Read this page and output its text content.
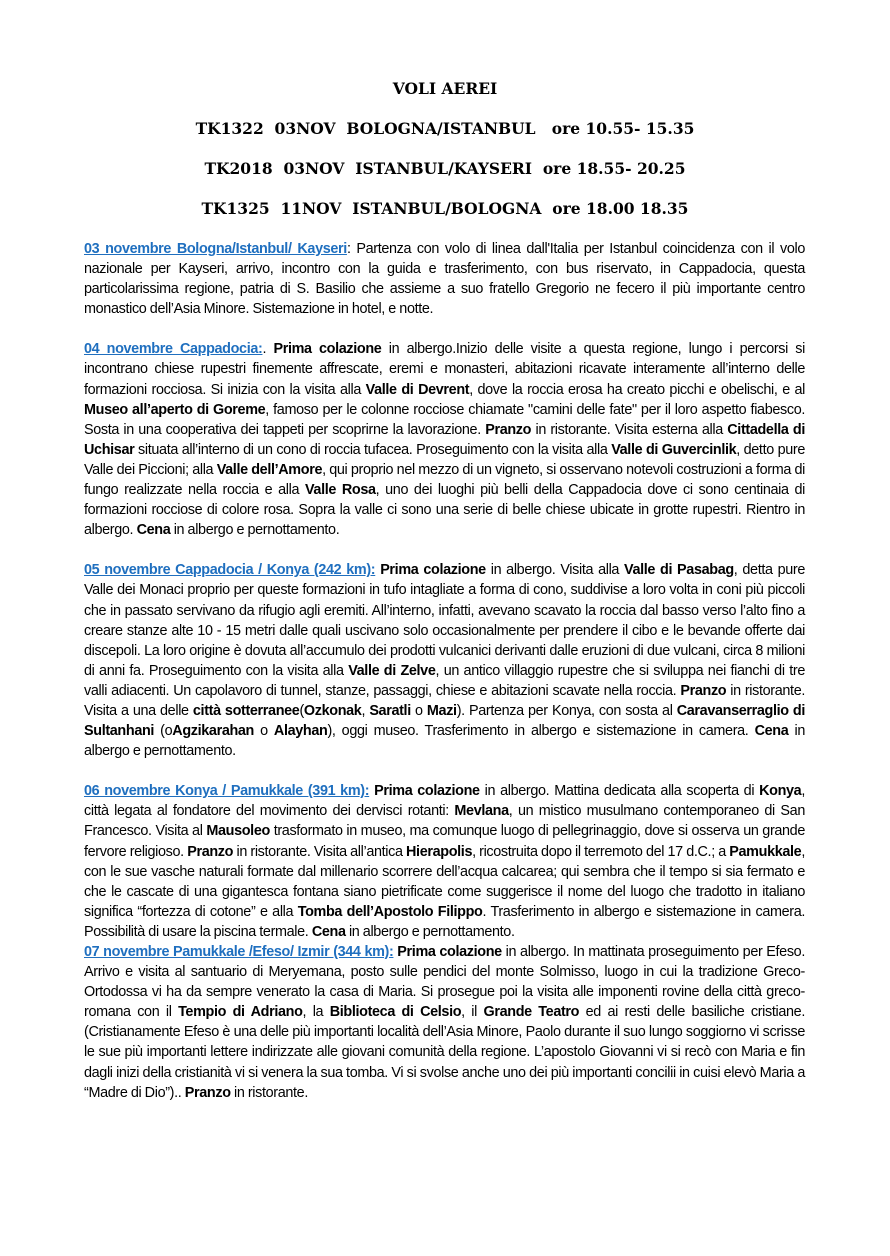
VOLI AEREI
TK1322  03NOV  BOLOGNA/ISTANBUL   ore 10.55- 15.35
TK2018  03NOV  ISTANBUL/KAYSERI  ore 18.55- 20.25
TK1325  11NOV  ISTANBUL/BOLOGNA  ore 18.00 18.35

03 novembre Bologna/Istanbul/ Kayseri: Partenza con volo di linea dall'Italia per Istanbul coincidenza con il volo nazionale per Kayseri, arrivo, incontro con la guida e trasferimento, con bus riservato, in Cappadocia, questa particolarissima regione, patria di S. Basilio che assieme a suo fratello Gregorio ne fecero il più importante centro monastico dell’Asia Minore. Sistemazione in hotel, e notte.

04 novembre Cappadocia:. Prima colazione in albergo.Inizio delle visite a questa regione, lungo i percorsi si incontrano chiese rupestri finemente affrescate, eremi e monasteri, abitazioni ricavate interamente all’interno delle formazioni rocciosa. Si inizia con la visita alla Valle di Devrent, dove la roccia erosa ha creato picchi e obelischi, e al Museo all’aperto di Goreme, famoso per le colonne rocciose chiamate "camini delle fate" per il loro aspetto fiabesco. Sosta in una cooperativa dei tappeti per scoprirne la lavorazione. Pranzo in ristorante. Visita esterna alla Cittadella di Uchisar situata all’interno di un cono di roccia tufacea. Proseguimento con la visita alla Valle di Guvercinlik, detto pure Valle dei Piccioni; alla Valle dell’Amore, qui proprio nel mezzo di un vigneto, si osservano notevoli costruzioni a forma di fungo realizzate nella roccia e alla Valle Rosa, uno dei luoghi più belli della Cappadocia dove ci sono centinaia di formazioni rocciose di colore rosa. Sopra la valle ci sono una serie di belle chiese ubicate in grotte rupestri. Rientro in albergo. Cena in albergo e pernottamento.

05 novembre Cappadocia / Konya (242 km): Prima colazione in albergo. Visita alla Valle di Pasabag, detta pure Valle dei Monaci proprio per queste formazioni in tufo intagliate a forma di cono, suddivise a loro volta in coni più piccoli che in passato servivano da rifugio agli eremiti. All’interno, infatti, avevano scavato la roccia dal basso verso l’alto fino a creare stanze alte 10 - 15 metri dalle quali uscivano solo occasionalmente per prendere il cibo e le bevande offerte dai discepoli. La loro origine è dovuta all’accumulo dei prodotti vulcanici derivanti dalle eruzioni di due vulcani, circa 8 milioni di anni fa. Proseguimento con la visita alla Valle di Zelve, un antico villaggio rupestre che si sviluppa nei fianchi di tre valli adiacenti. Un capolavoro di tunnel, stanze, passaggi, chiese e abitazioni scavate nella roccia. Pranzo in ristorante. Visita a una delle città sotterranee(Ozkonak, Saratli o Mazi). Partenza per Konya, con sosta al Caravanserraglio di Sultanhani (oAgzikarahan o Alayhan), oggi museo. Trasferimento in albergo e sistemazione in camera. Cena in albergo e pernottamento.

06 novembre Konya / Pamukkale (391 km): Prima colazione in albergo. Mattina dedicata alla scoperta di Konya, città legata al fondatore del movimento dei dervisci rotanti: Mevlana, un mistico musulmano contemporaneo di San Francesco. Visita al Mausoleo trasformato in museo, ma comunque luogo di pellegrinaggio, dove si osserva un grande fervore religioso. Pranzo in ristorante. Visita all’antica Hierapolis, ricostruita dopo il terremoto del 17 d.C.; a Pamukkale, con le sue vasche naturali formate dal millenario scorrere dell’acqua calcarea; qui sembra che il tempo si sia fermato e che le cascate di una gigantesca fontana siano pietrificate come suggerisce il nome del luogo che tradotto in italiano significa “fortezza di cotone” e alla Tomba dell’Apostolo Filippo. Trasferimento in albergo e sistemazione in camera. Possibilità di usare la piscina termale. Cena in albergo e pernottamento.

07 novembre Pamukkale /Efeso/ Izmir (344 km): Prima colazione in albergo. In mattinata proseguimento per Efeso. Arrivo e visita al santuario di Meryemana, posto sulle pendici del monte Solmisso, luogo in cui la tradizione Greco-Ortodossa vi ha da sempre venerato la casa di Maria. Si prosegue poi la visita alle imponenti rovine della città greco-romana con il Tempio di Adriano, la Biblioteca di Celsio, il Grande Teatro ed ai resti delle basiliche cristiane. (Cristianamente Efeso è una delle più importanti località dell’Asia Minore, Paolo durante il suo lungo soggiorno vi scrisse le sue più importanti lettere indirizzate alle giovani comunità della regione. L’apostolo Giovanni vi si recò con Maria e fin dagli inizi della cristianità vi si venera la sua tomba. Vi si svolse anche uno dei più importanti concilii in cuisi elevò Maria a “Madre di Dio”).. Pranzo in ristorante.
